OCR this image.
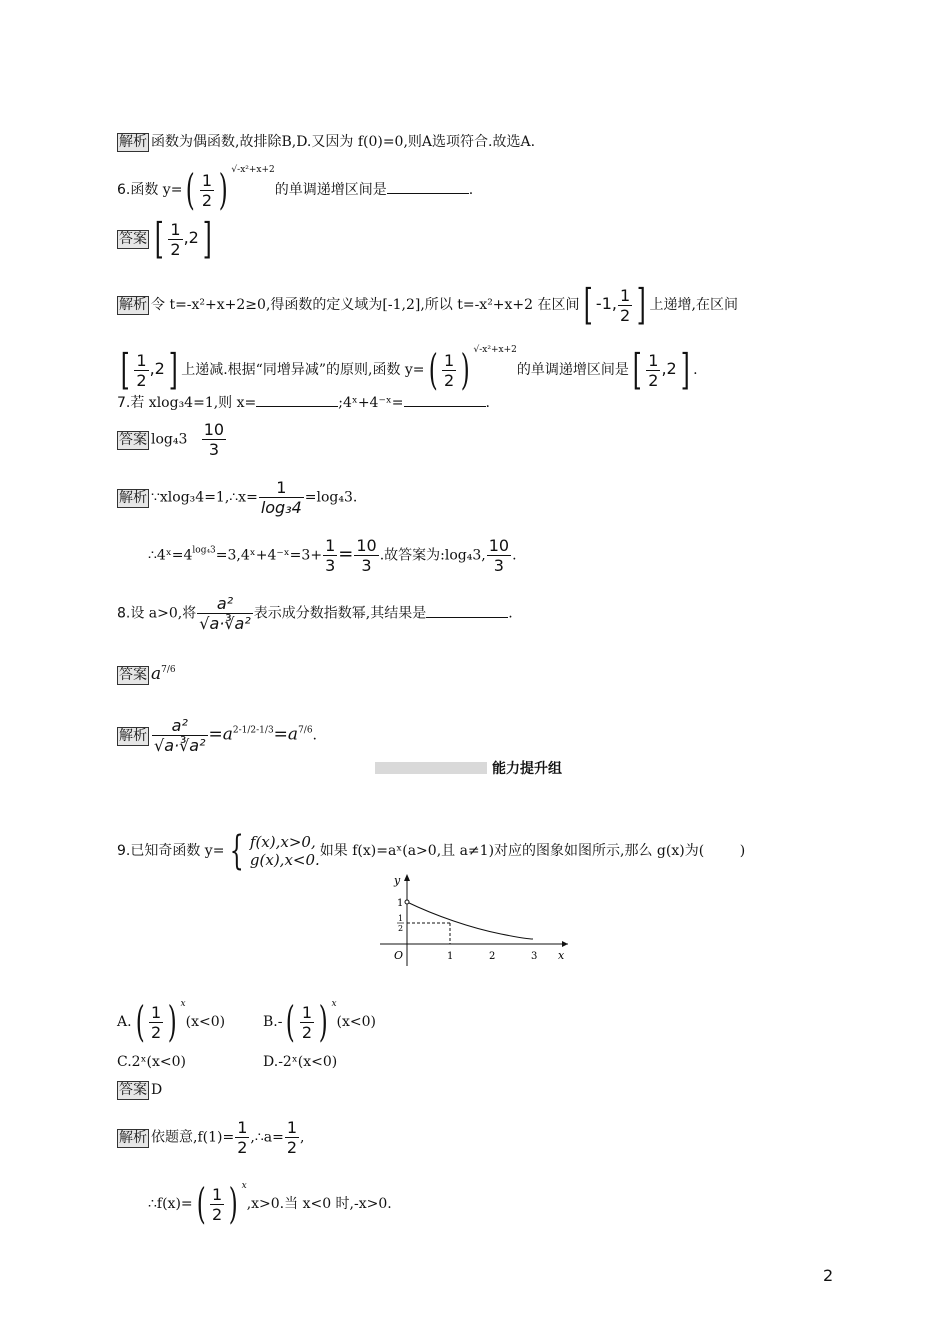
解析 函数为偶函数,故排除B,D.又因为 f(0)=0,则A选项符合.故选A.
6.函数 $y=( \frac{1}{2}$ ) $^{√-x^2+x+2}$的单调递增区间是	.
答案 [ $\frac{1}{2} ,2$]
解析 令 t=-x²+x+2≥0,得函数的定义域为[-1,2],所以 t=-x²+x+2 在区间[ -1, $\frac{1}{2}$ ] 上递增,在区间
[ $\frac{1}{2} ,2$] 上递减.根据“同增异减”的原则,函数 $y=( \frac{1}{2}$ ) $^{√-x^2+x+2}$的单调递增区间是[ $\frac{1}{2} ,2$] .
7.若 xlog₃4=1,则 x=	;4ˣ+4⁻ˣ=	.
答案 $\log_43 \frac{10}{3}$
解析 ∵xlog₃4=1,∴x= $\frac{1}{\text{log₃4}} =\log_43$.
$\therefore 4ˣ=4^{log_43}=3,4ˣ+4^-ˣ=3+ \frac{1}{3} = \frac{10}{3}$ .故答案为:log₄3, $\frac{10}{3}$ .
8.设 a>0,将 $\frac{\text{a²}}{\text{√a·∛a²}}$ 表示成分数指数幂,其结果是	.
答案 $a^{7/6}$
解析 $\frac{\text{a²}}{\text{√a·∛a²}} =a^{2-1/2-1/3}=a^{7/6}$.
能力提升组
9.已知奇函数 y= { f(x),x>0,
g(x),x<0. 如果 f(x)=aˣ(a>0,且 a≠1)对应的图象如图所示,那么 g(x)为(	)
y
x
O	1	2	3
1
1
2
$A.( \frac{1}{2}$ ) $^x$(x<0)	$B.-( \frac{1}{2}$ ) $^x$(x<0)
C.2ˣ(x<0)	D.-2ˣ(x<0)
答案 D
解析 依题意$,f(1)= \frac{1}{2}$ ,∴a= $\frac{1}{2}$ ,
∴f(x)=( $\frac{1}{2}$ ) $^x$,x>0.当 x<0 时,-x>0.
2
